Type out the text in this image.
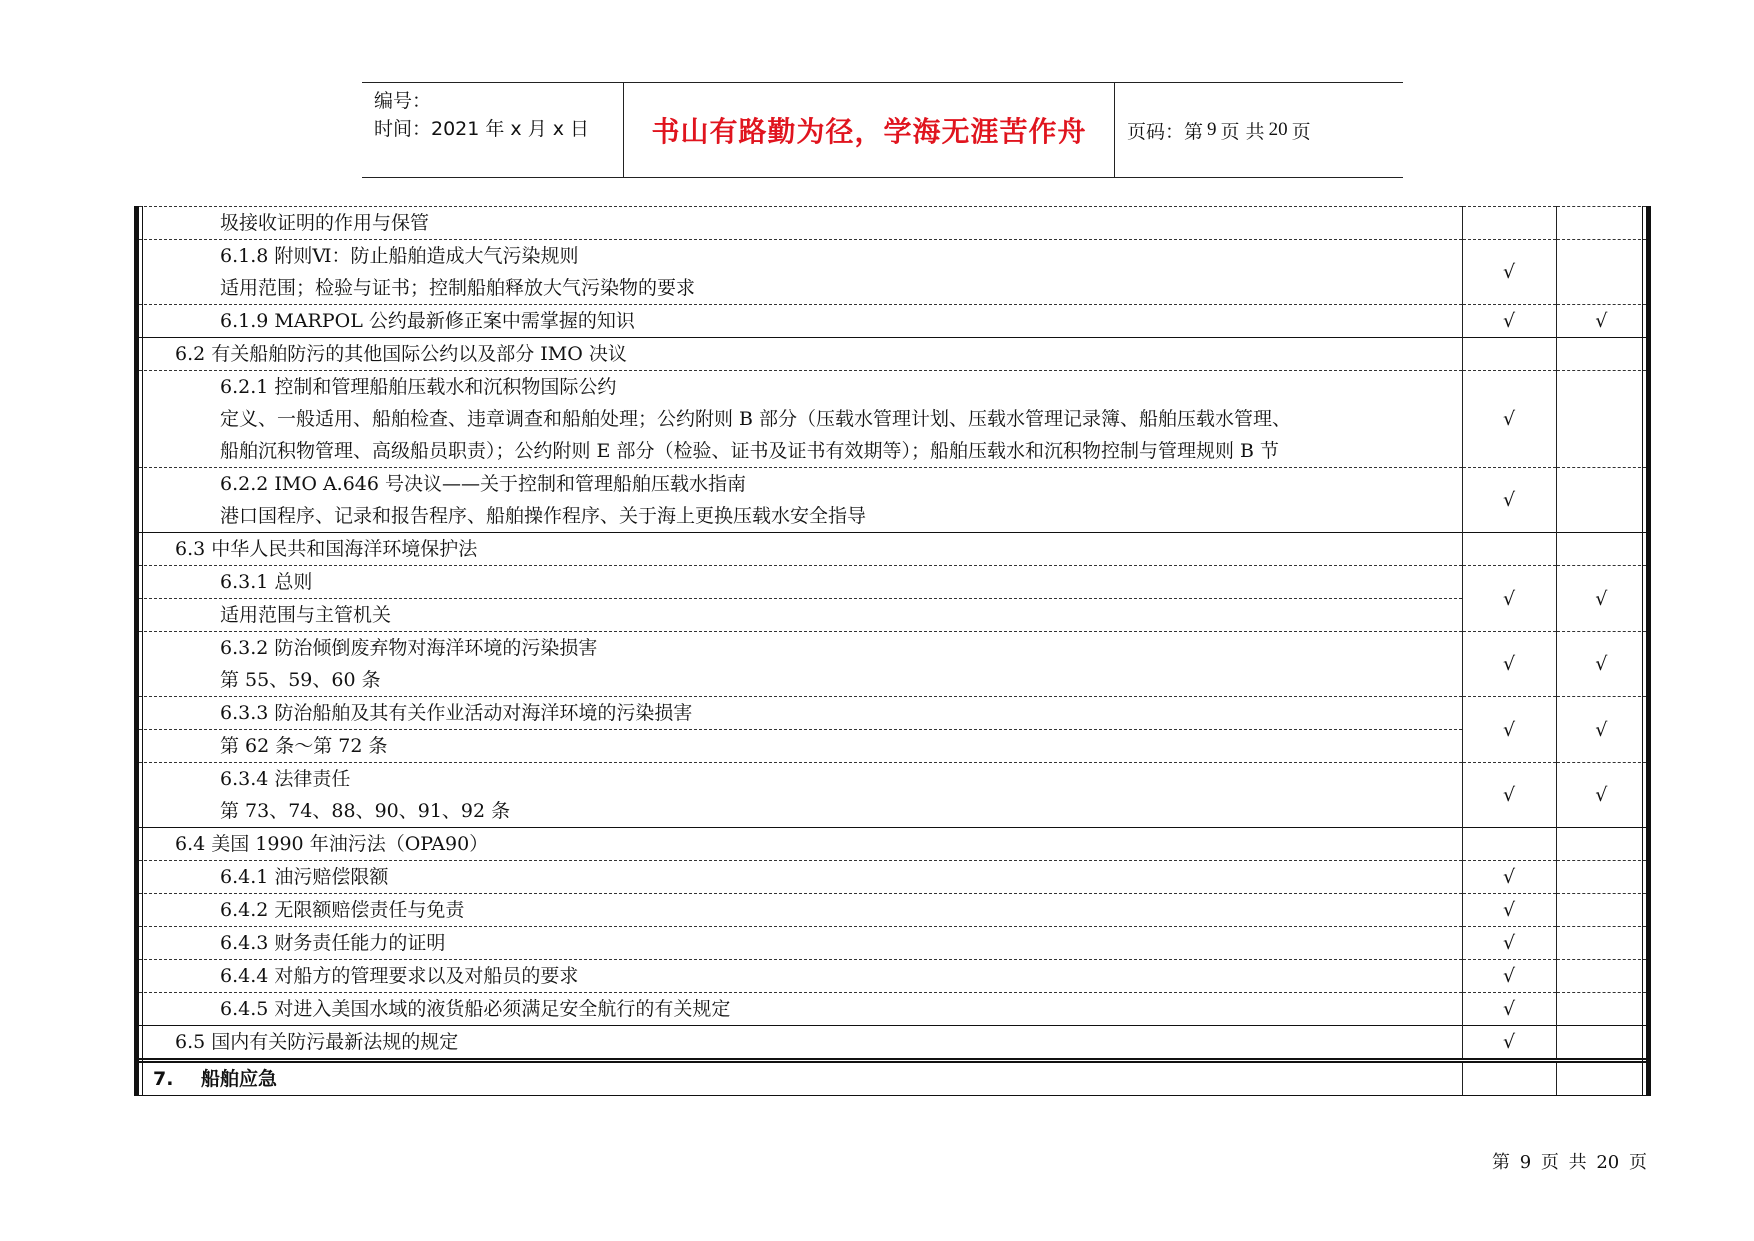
编号：
时间：2021 年 x 月 x 日	书山有路勤为径，学海无涯苦作舟	页码：第 9 页 共 20 页
圾接收证明的作用与保管		

6.1.8 附则Ⅵ：防止船舶造成大气污染规则
适用范围；检验与证书；控制船舶释放大气污染物的要求	√	

6.1.9 MARPOL 公约最新修正案中需掌握的知识	√	√

6.2 有关船舶防污的其他国际公约以及部分 IMO 决议		

6.2.1 控制和管理船舶压载水和沉积物国际公约
定义、一般适用、船舶检查、违章调查和船舶处理；公约附则 B 部分（压载水管理计划、压载水管理记录簿、船舶压载水管理、
船舶沉积物管理、高级船员职责）；公约附则 E 部分（检验、证书及证书有效期等）；船舶压载水和沉积物控制与管理规则 B 节	√	

6.2.2 IMO A.646 号决议——关于控制和管理船舶压载水指南
港口国程序、记录和报告程序、船舶操作程序、关于海上更换压载水安全指导	√	

6.3 中华人民共和国海洋环境保护法		

6.3.1 总则
适用范围与主管机关	√	√

6.3.2 防治倾倒废弃物对海洋环境的污染损害
第 55、59、60 条	√	√

6.3.3 防治船舶及其有关作业活动对海洋环境的污染损害
第 62 条～第 72 条	√	√

6.3.4 法律责任
第 73、74、88、90、91、92 条	√	√

6.4 美国 1990 年油污法（OPA90）		

6.4.1 油污赔偿限额	√	

6.4.2 无限额赔偿责任与免责	√	

6.4.3 财务责任能力的证明	√	

6.4.4 对船方的管理要求以及对船员的要求	√	

6.4.5 对进入美国水域的液货船必须满足安全航行的有关规定	√	

6.5 国内有关防污最新法规的规定	√	

7. 船舶应急		

第 9 页 共 20 页
